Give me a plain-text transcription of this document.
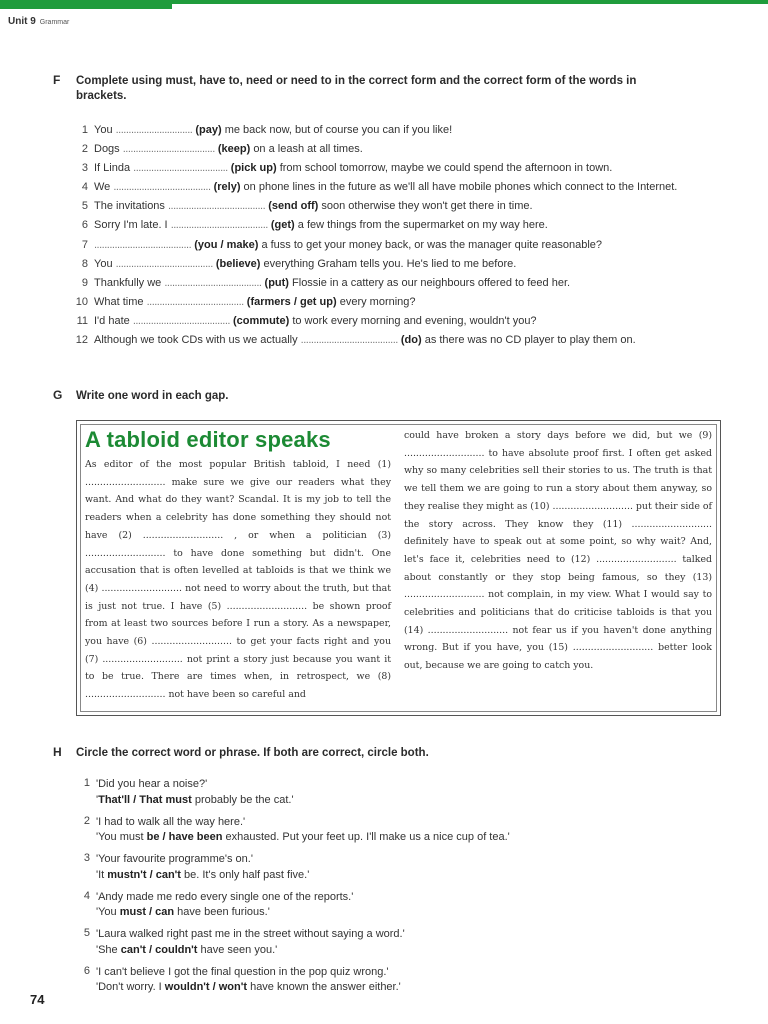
Unit 9 Grammar
F Complete using must, have to, need or need to in the correct form and the correct form of the words in brackets.
1 You .............................. (pay) me back now, but of course you can if you like!
2 Dogs .................................... (keep) on a leash at all times.
3 If Linda ..................................... (pick up) from school tomorrow, maybe we could spend the afternoon in town.
4 We ...................................... (rely) on phone lines in the future as we'll all have mobile phones which connect to the Internet.
5 The invitations ...................................... (send off) soon otherwise they won't get there in time.
6 Sorry I'm late. I ...................................... (get) a few things from the supermarket on my way here.
7 ...................................... (you / make) a fuss to get your money back, or was the manager quite reasonable?
8 You ...................................... (believe) everything Graham tells you. He's lied to me before.
9 Thankfully we ...................................... (put) Flossie in a cattery as our neighbours offered to feed her.
10 What time ...................................... (farmers / get up) every morning?
11 I'd hate ...................................... (commute) to work every morning and evening, wouldn't you?
12 Although we took CDs with us we actually ...................................... (do) as there was no CD player to play them on.
G Write one word in each gap.
A tabloid editor speaks
As editor of the most popular British tabloid, I need (1) ........................... make sure we give our readers what they want. And what do they want? Scandal. It is my job to tell the readers when a celebrity has done something they should not have (2) ........................... , or when a politician (3) ........................... to have done something but didn't. One accusation that is often levelled at tabloids is that we think we (4) ........................... not need to worry about the truth, but that is just not true. I have (5) ........................... be shown proof from at least two sources before I run a story. As a newspaper, you have (6) ........................... to get your facts right and you (7) ........................... not print a story just because you want it to be true. There are times when, in retrospect, we (8) ........................... not have been so careful and
could have broken a story days before we did, but we (9) ........................... to have absolute proof first. I often get asked why so many celebrities sell their stories to us. The truth is that we tell them we are going to run a story about them anyway, so they realise they might as (10) ........................... put their side of the story across. They know they (11) ........................... definitely have to speak out at some point, so why wait? And, let's face it, celebrities need to (12) ........................... talked about constantly or they stop being famous, so they (13) ........................... not complain, in my view. What I would say to celebrities and politicians that do criticise tabloids is that you (14) ........................... not fear us if you haven't done anything wrong. But if you have, you (15) ........................... better look out, because we are going to catch you.
H Circle the correct word or phrase. If both are correct, circle both.
1 'Did you hear a noise?'
'That'll / That must probably be the cat.'
2 'I had to walk all the way here.'
'You must be / have been exhausted. Put your feet up. I'll make us a nice cup of tea.'
3 'Your favourite programme's on.'
'It mustn't / can't be. It's only half past five.'
4 'Andy made me redo every single one of the reports.'
'You must / can have been furious.'
5 'Laura walked right past me in the street without saying a word.'
'She can't / couldn't have seen you.'
6 'I can't believe I got the final question in the pop quiz wrong.'
'Don't worry. I wouldn't / won't have known the answer either.'
74
